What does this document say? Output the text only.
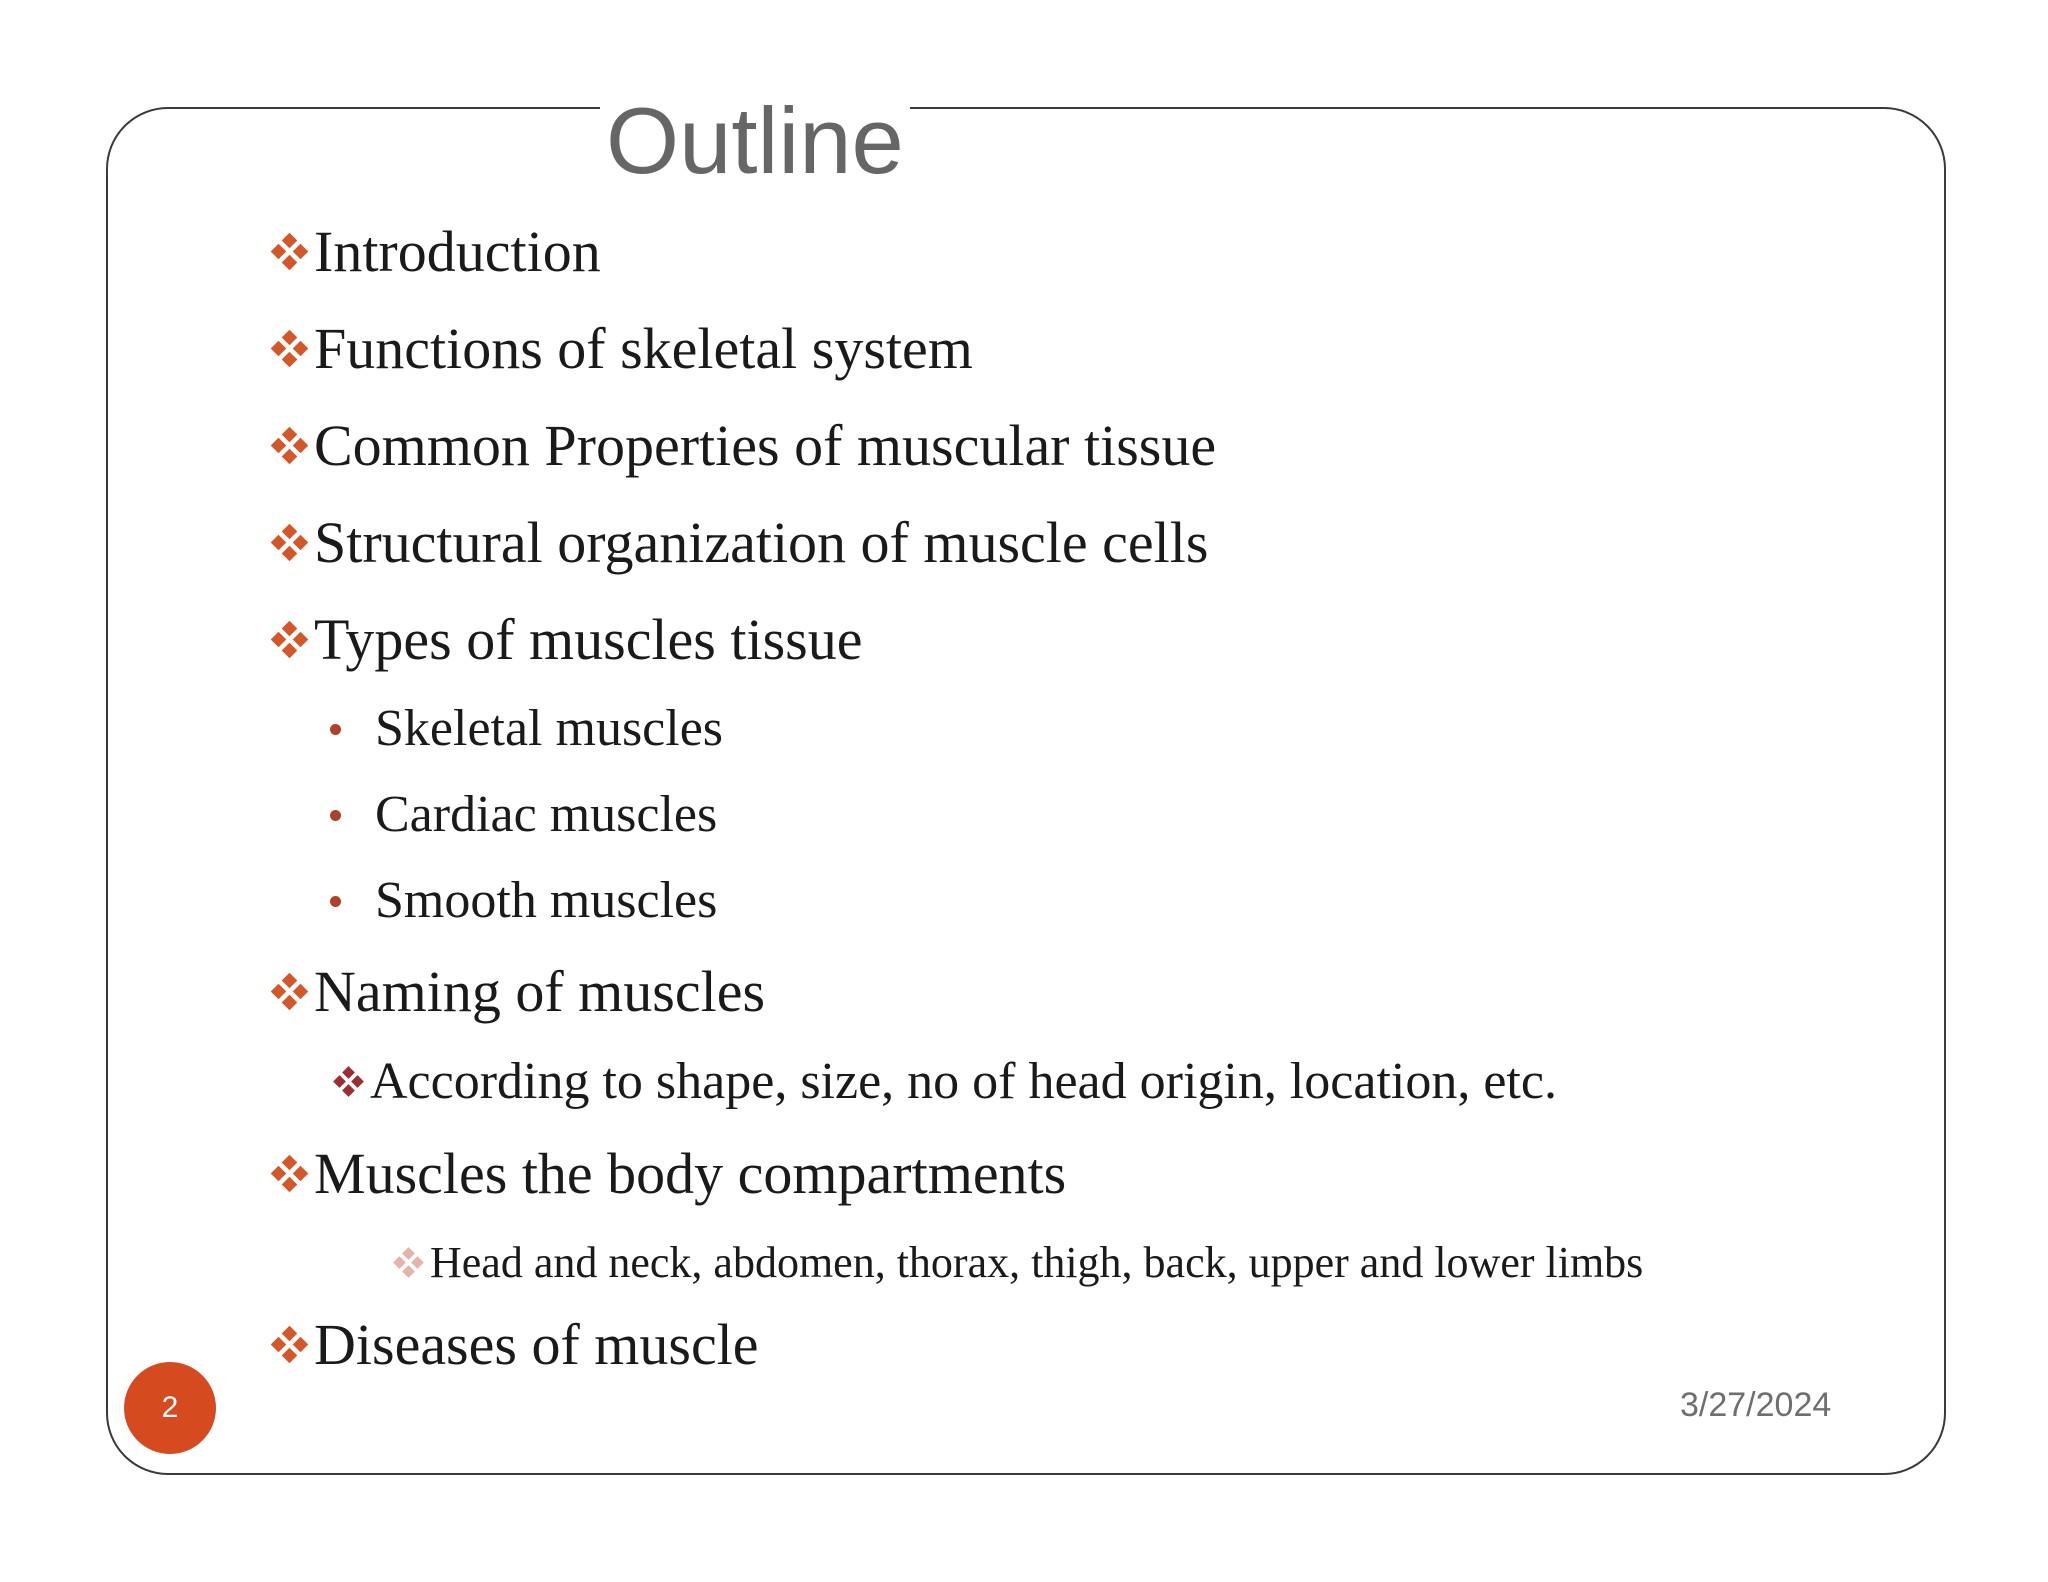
Outline
Introduction
Functions of skeletal system
Common Properties of muscular tissue
Structural organization of muscle cells
Types of muscles tissue
Skeletal muscles
Cardiac muscles
Smooth muscles
Naming of muscles
According to shape, size, no of head origin, location, etc.
Muscles the body compartments
Head and neck, abdomen, thorax, thigh, back, upper and lower limbs
Diseases of muscle
2	3/27/2024
